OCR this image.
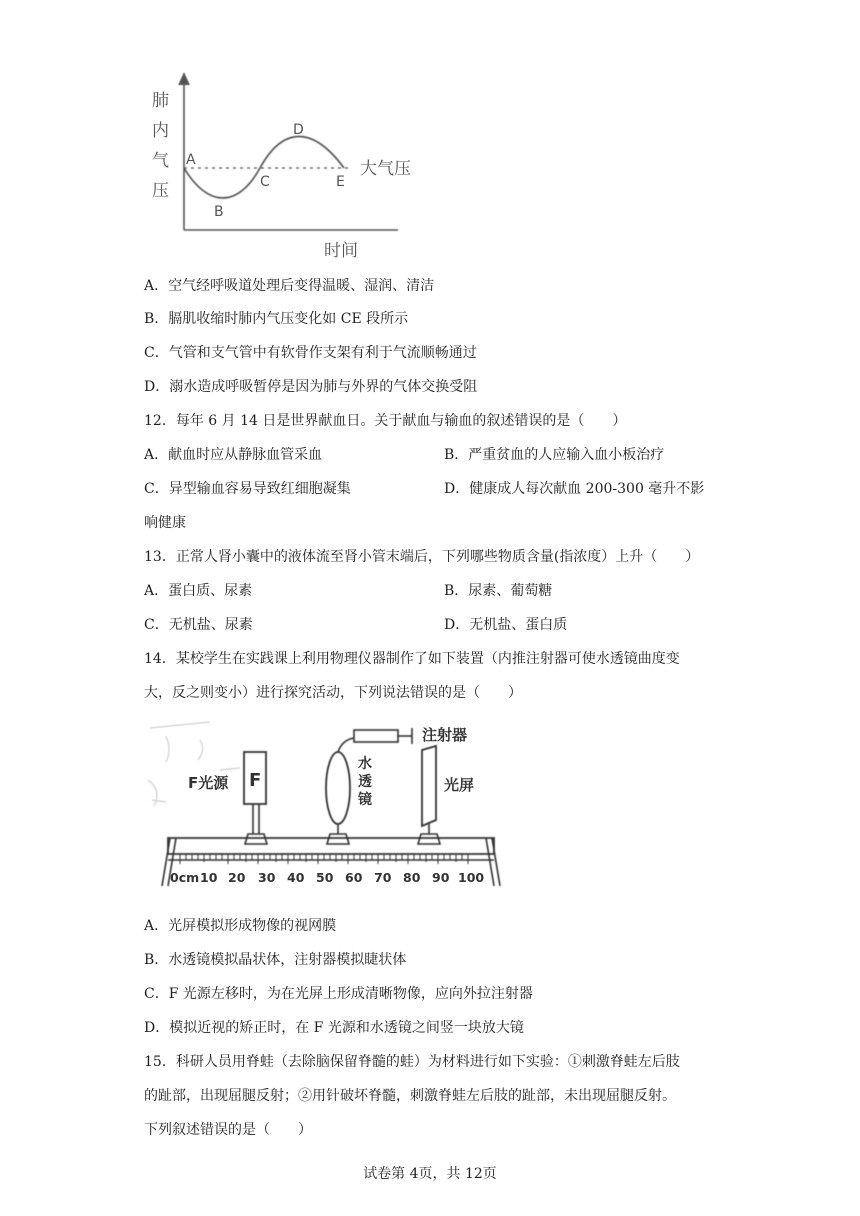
肺
内
气
压
时间
大气压
A
B
C
D
E
A．空气经呼吸道处理后变得温暖、湿润、清洁
B．膈肌收缩时肺内气压变化如 CE 段所示
C．气管和支气管中有软骨作支架有利于气流顺畅通过
D．溺水造成呼吸暂停是因为肺与外界的气体交换受阻
12．每年 6 月 14 日是世界献血日。关于献血与输血的叙述错误的是（　　）
A．献血时应从静脉血管采血	B．严重贫血的人应输入血小板治疗
C．异型输血容易导致红细胞凝集	D．健康成人每次献血 200-300 毫升不影
响健康
13．正常人肾小囊中的液体流至肾小管末端后，下列哪些物质含量(指浓度）上升（　　）
A．蛋白质、尿素	B．尿素、葡萄糖
C．无机盐、尿素	D．无机盐、蛋白质
14．某校学生在实践课上利用物理仪器制作了如下装置（内推注射器可使水透镜曲度变
大，反之则变小）进行探究活动，下列说法错误的是（　　）
F光源 F
水
透
镜
注射器
光屏
0cm 10 20 30 40 50 60 70 80 90 100
A．光屏模拟形成物像的视网膜
B．水透镜模拟晶状体，注射器模拟睫状体
C．F 光源左移时，为在光屏上形成清晰物像，应向外拉注射器
D．模拟近视的矫正时，在 F 光源和水透镜之间竖一块放大镜
15．科研人员用脊蛙（去除脑保留脊髓的蛙）为材料进行如下实验：①刺激脊蛙左后肢
的趾部，出现屈腿反射；②用针破坏脊髓，刺激脊蛙左后肢的趾部，未出现屈腿反射。
下列叙述错误的是（　　）
试卷第 4页，共 12页
